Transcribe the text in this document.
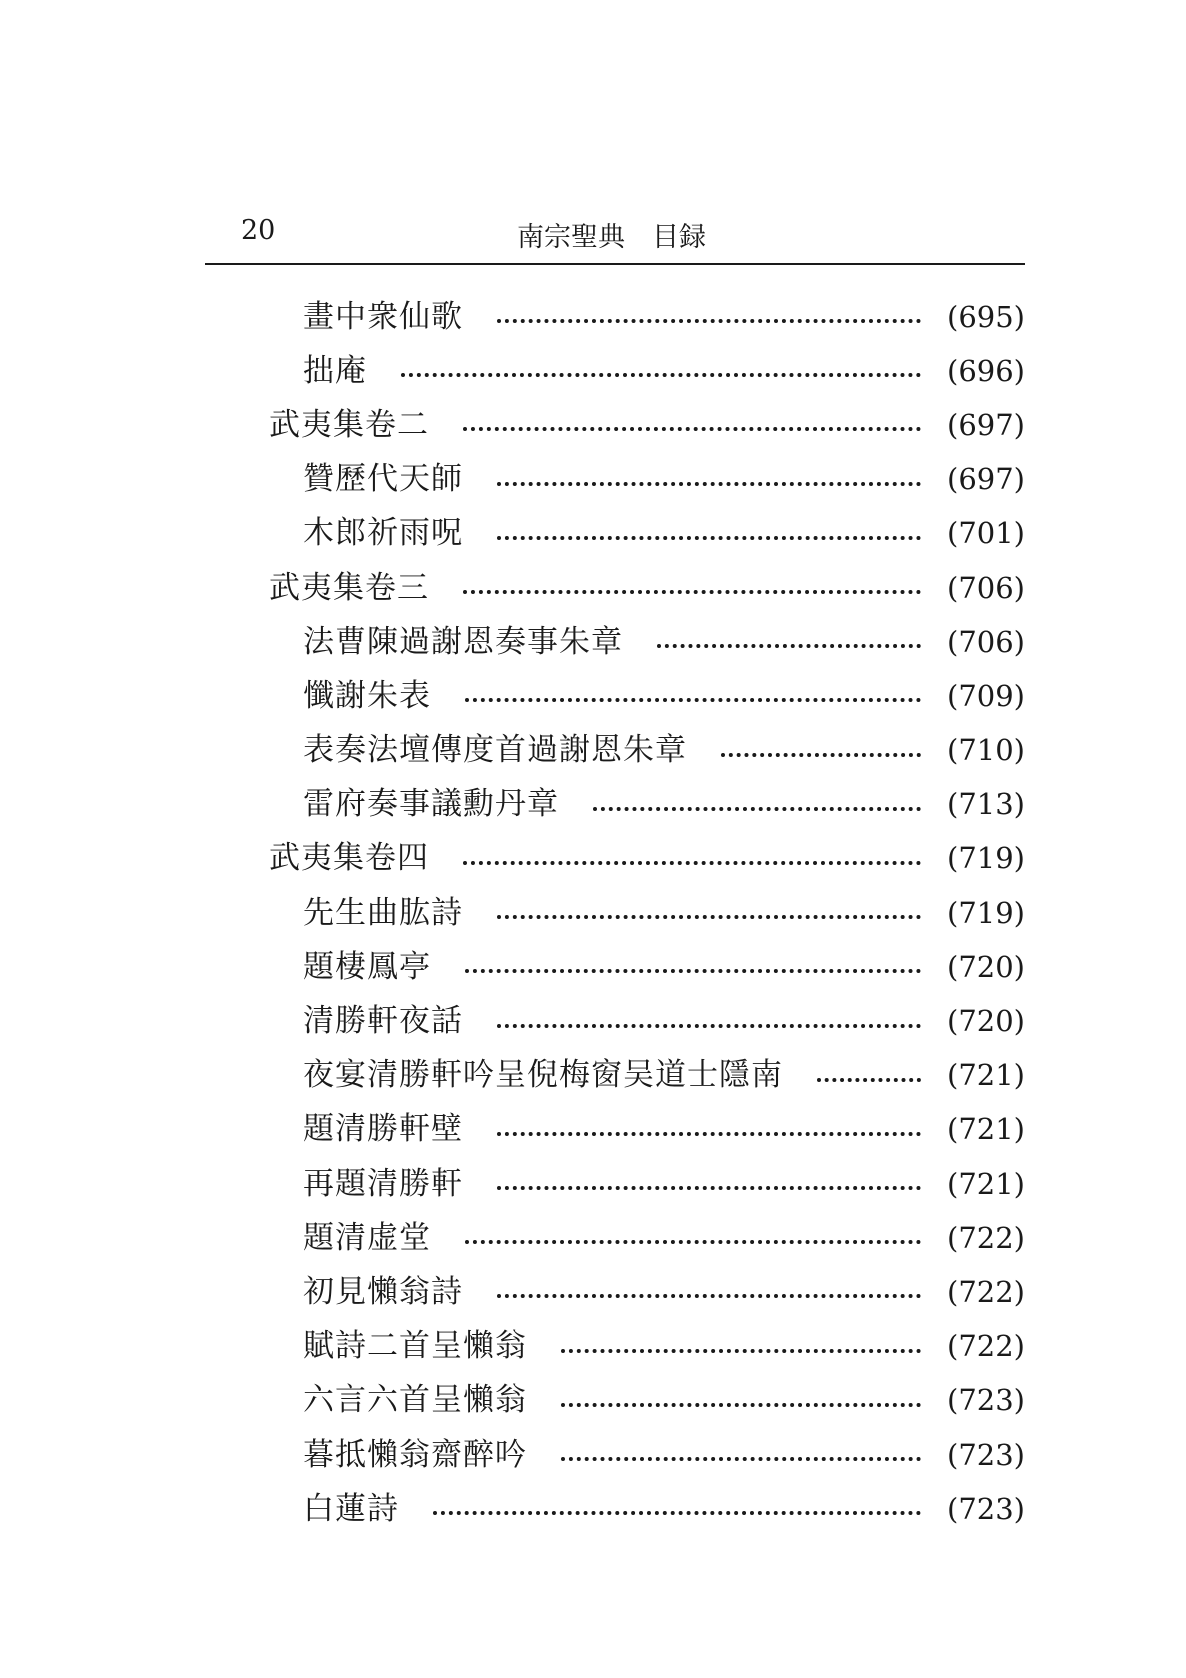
20	南宗聖典　目録
畫中衆仙歌	(695)
拙庵	(696)
武夷集卷二	(697)
贊歷代天師	(697)
木郎祈雨呪	(701)
武夷集卷三	(706)
法曹陳過謝恩奏事朱章	(706)
懺謝朱表	(709)
表奏法壇傳度首過謝恩朱章	(710)
雷府奏事議勳丹章	(713)
武夷集卷四	(719)
先生曲肱詩	(719)
題棲鳳亭	(720)
清勝軒夜話	(720)
夜宴清勝軒吟呈倪梅窗吴道士隱南	(721)
題清勝軒壁	(721)
再題清勝軒	(721)
題清虚堂	(722)
初見懶翁詩	(722)
賦詩二首呈懶翁	(722)
六言六首呈懶翁	(723)
暮抵懶翁齋醉吟	(723)
白蓮詩	(723)
